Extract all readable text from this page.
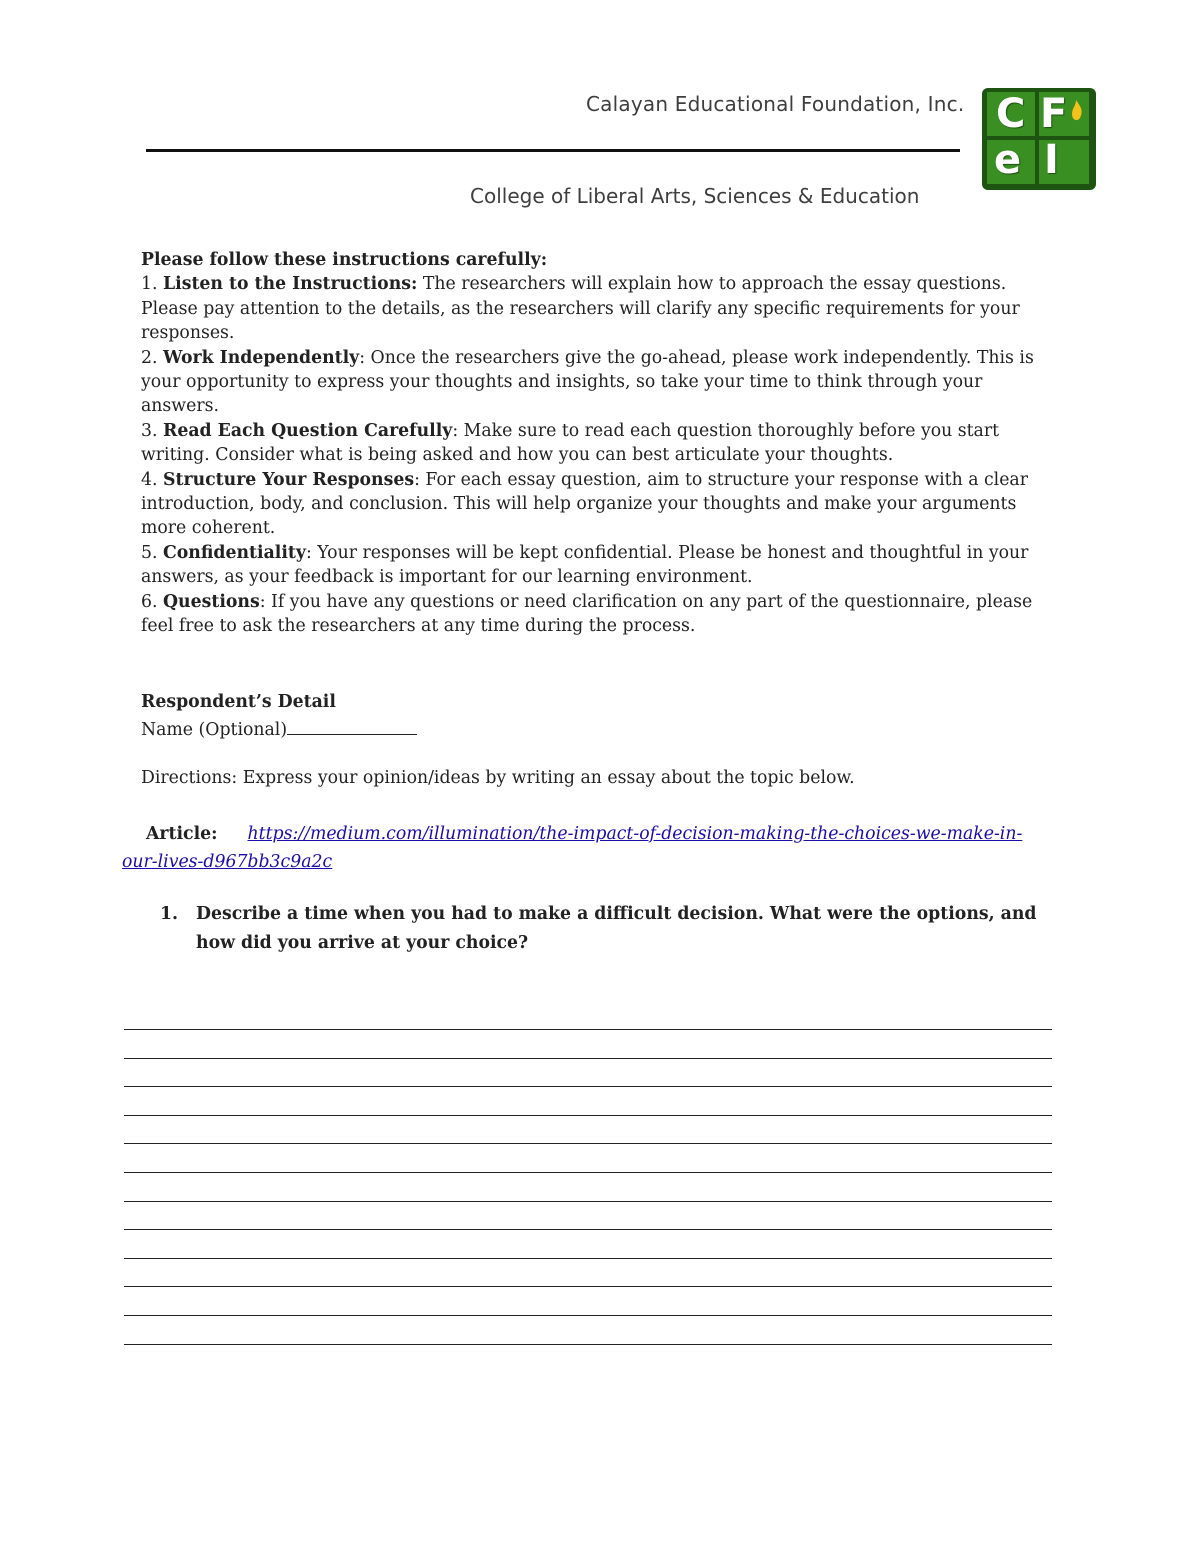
Calayan Educational Foundation, Inc.
College of Liberal Arts, Sciences & Education
C F
e I

Please follow these instructions carefully:

1. Listen to the Instructions: The researchers will explain how to approach the essay questions. Please pay attention to the details, as the researchers will clarify any specific requirements for your responses.

2. Work Independently: Once the researchers give the go-ahead, please work independently. This is your opportunity to express your thoughts and insights, so take your time to think through your answers.

3. Read Each Question Carefully: Make sure to read each question thoroughly before you start writing. Consider what is being asked and how you can best articulate your thoughts.

4. Structure Your Responses: For each essay question, aim to structure your response with a clear introduction, body, and conclusion. This will help organize your thoughts and make your arguments more coherent.

5. Confidentiality: Your responses will be kept confidential. Please be honest and thoughtful in your answers, as your feedback is important for our learning environment.

6. Questions: If you have any questions or need clarification on any part of the questionnaire, please feel free to ask the researchers at any time during the process.

Respondent’s Detail
Name (Optional)
Directions: Express your opinion/ideas by writing an essay about the topic below.
Article: https://medium.com/illumination/the-impact-of-decision-making-the-choices-we-make-in-our-lives-d967bb3c9a2c
1. Describe a time when you had to make a difficult decision. What were the options, and how did you arrive at your choice?
